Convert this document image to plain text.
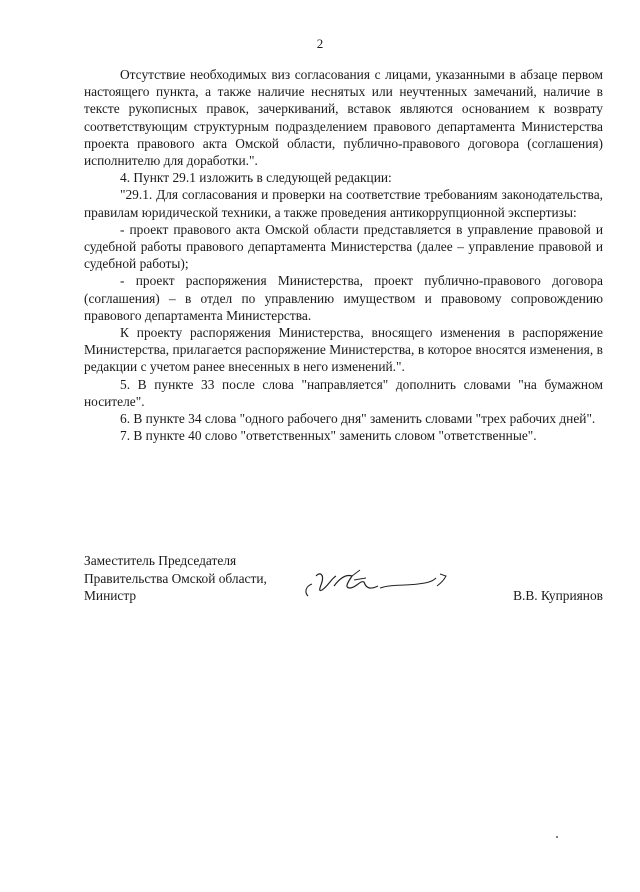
2

Отсутствие необходимых виз согласования с лицами, указанными в абзаце первом настоящего пункта, а также наличие неснятых или неучтенных замечаний, наличие в тексте рукописных правок, зачеркиваний, вставок являются основанием к возврату соответствующим структурным подразделением правового департамента Министерства проекта правового акта Омской области, публично-правового договора (соглашения) исполнителю для доработки.".

4. Пункт 29.1 изложить в следующей редакции:

"29.1. Для согласования и проверки на соответствие требованиям законодательства, правилам юридической техники, а также проведения антикоррупционной экспертизы:

- проект правового акта Омской области представляется в управление правовой и судебной работы правового департамента Министерства (далее – управление правовой и судебной работы);

- проект распоряжения Министерства, проект публично-правового договора (соглашения) – в отдел по управлению имуществом и правовому сопровождению правового департамента Министерства.

К проекту распоряжения Министерства, вносящего изменения в распоряжение Министерства, прилагается распоряжение Министерства, в которое вносятся изменения, в редакции с учетом ранее внесенных в него изменений.".

5. В пункте 33 после слова "направляется" дополнить словами "на бумажном носителе".

6. В пункте 34 слова "одного рабочего дня" заменить словами "трех рабочих дней".

7. В пункте 40 слово "ответственных" заменить словом "ответственные".

Заместитель Председателя
Правительства Омской области,
Министр	В.В. Куприянов
